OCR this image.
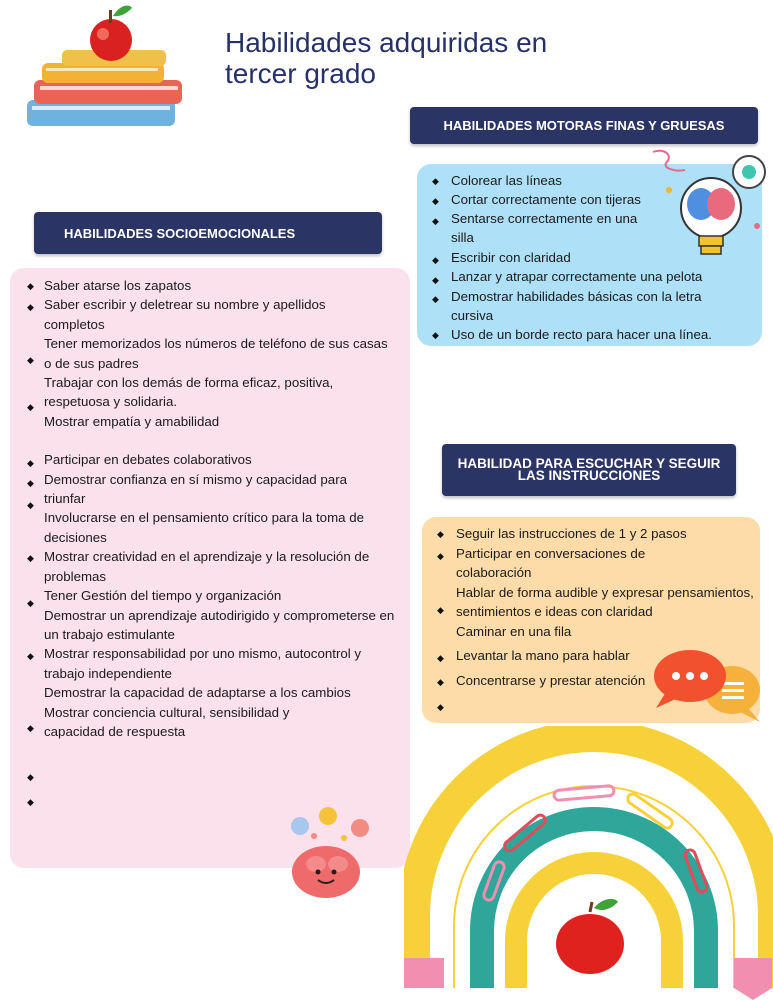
Habilidades adquiridas en tercer grado
HABILIDADES MOTORAS FINAS Y GRUESAS
Colorear las líneas
Cortar correctamente con tijeras
Sentarse correctamente en una silla
Escribir con claridad
Lanzar y atrapar correctamente una pelota
Demostrar habilidades básicas con la letra cursiva
Uso de un borde recto para hacer una línea.
◆
◆
◆
◆
◆
◆
◆
HABILIDADES SOCIOEMOCIONALES
Saber atarse los zapatos
Saber escribir y deletrear su nombre y apellidos completos
Tener memorizados los números de teléfono de sus casas o de sus padres
Trabajar con los demás de forma eficaz, positiva, respetuosa y solidaria.
Mostrar empatía y amabilidad
Participar en debates colaborativos
Demostrar confianza en sí mismo y capacidad para triunfar
Involucrarse en el pensamiento crítico para la toma de decisiones
Mostrar creatividad en el aprendizaje y la resolución de problemas
Tener Gestión del tiempo y organización
Demostrar un aprendizaje autodirigido y comprometerse en un trabajo estimulante
Mostrar responsabilidad por uno mismo, autocontrol y trabajo independiente
Demostrar la capacidad de adaptarse a los cambios
Mostrar conciencia cultural, sensibilidad y capacidad de respuesta
◆
◆
◆
◆
◆
◆
◆
◆
◆
◆
◆
◆
◆
HABILIDAD PARA ESCUCHAR Y SEGUIR LAS INSTRUCCIONES
Seguir las instrucciones de 1 y 2 pasos
Participar en conversaciones de colaboración
Hablar de forma audible y expresar pensamientos, sentimientos e ideas con claridad
Caminar en una fila
Levantar la mano para hablar
Concentrarse y prestar atención
◆
◆
◆
◆
◆
◆
